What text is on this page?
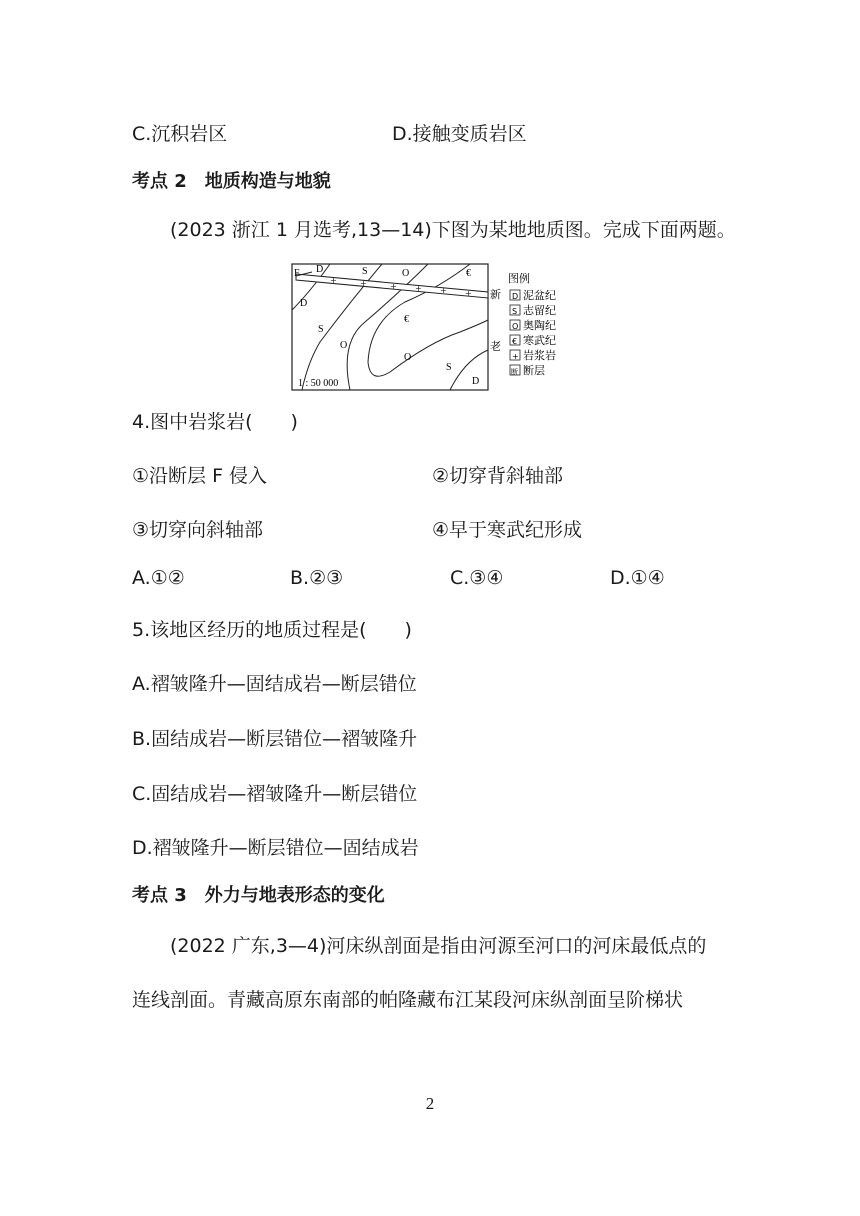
C.沉积岩区	D.接触变质岩区
考点 2　地质构造与地貌
(2023 浙江 1 月选考,13—14)下图为某地地质图。完成下面两题。
+	+	+ + + +
F D	S	O	€
D
S
O
€
O
S
D
1 : 50 000
新
老
图例
D 泥盆纪
S 志留纪
O 奥陶纪
€ 寒武纪
+ 岩浆岩
断 断层
4.图中岩浆岩(　　)
①沿断层 F 侵入	②切穿背斜轴部
③切穿向斜轴部	④早于寒武纪形成
A.①②	B.②③	C.③④	D.①④
5.该地区经历的地质过程是(　　)
A.褶皱隆升—固结成岩—断层错位
B.固结成岩—断层错位—褶皱隆升
C.固结成岩—褶皱隆升—断层错位
D.褶皱隆升—断层错位—固结成岩
考点 3　外力与地表形态的变化
(2022 广东,3—4)河床纵剖面是指由河源至河口的河床最低点的
连线剖面。青藏高原东南部的帕隆藏布江某段河床纵剖面呈阶梯状
2
